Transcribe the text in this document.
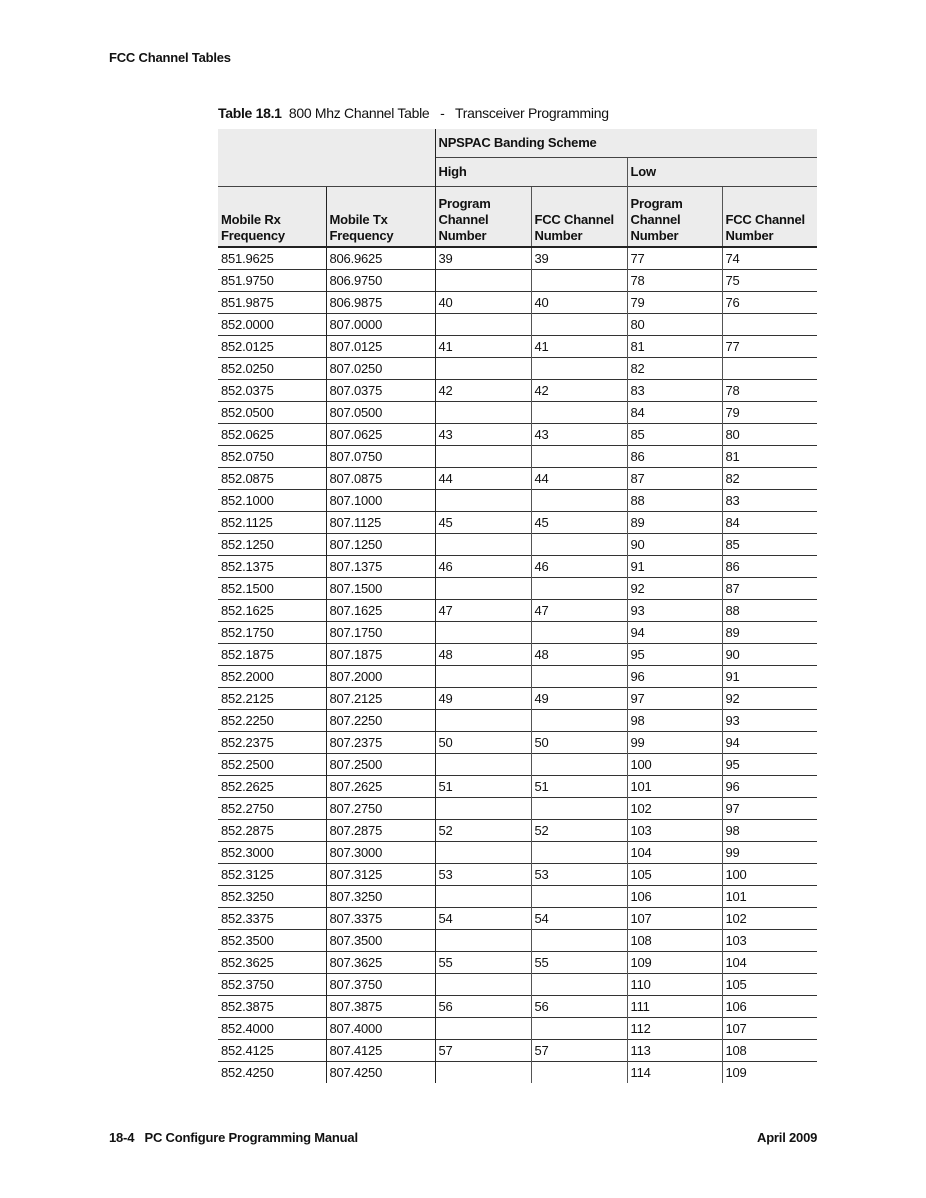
FCC Channel Tables
Table 18.1 800 Mhz Channel Table   -   Transceiver Programming
		NPSPAC Banding Scheme			
		High		Low	
Mobile Rx Frequency	Mobile Tx Frequency	Program Channel Number	FCC Channel Number	Program Channel Number	FCC Channel Number
851.9625	806.9625	39	39	77	74
851.9750	806.9750			78	75
851.9875	806.9875	40	40	79	76
852.0000	807.0000			80	
852.0125	807.0125	41	41	81	77
852.0250	807.0250			82	
852.0375	807.0375	42	42	83	78
852.0500	807.0500			84	79
852.0625	807.0625	43	43	85	80
852.0750	807.0750			86	81
852.0875	807.0875	44	44	87	82
852.1000	807.1000			88	83
852.1125	807.1125	45	45	89	84
852.1250	807.1250			90	85
852.1375	807.1375	46	46	91	86
852.1500	807.1500			92	87
852.1625	807.1625	47	47	93	88
852.1750	807.1750			94	89
852.1875	807.1875	48	48	95	90
852.2000	807.2000			96	91
852.2125	807.2125	49	49	97	92
852.2250	807.2250			98	93
852.2375	807.2375	50	50	99	94
852.2500	807.2500			100	95
852.2625	807.2625	51	51	101	96
852.2750	807.2750			102	97
852.2875	807.2875	52	52	103	98
852.3000	807.3000			104	99
852.3125	807.3125	53	53	105	100
852.3250	807.3250			106	101
852.3375	807.3375	54	54	107	102
852.3500	807.3500			108	103
852.3625	807.3625	55	55	109	104
852.3750	807.3750			110	105
852.3875	807.3875	56	56	111	106
852.4000	807.4000			112	107
852.4125	807.4125	57	57	113	108
852.4250	807.4250			114	109
18-4 PC Configure Programming Manual	April 2009
